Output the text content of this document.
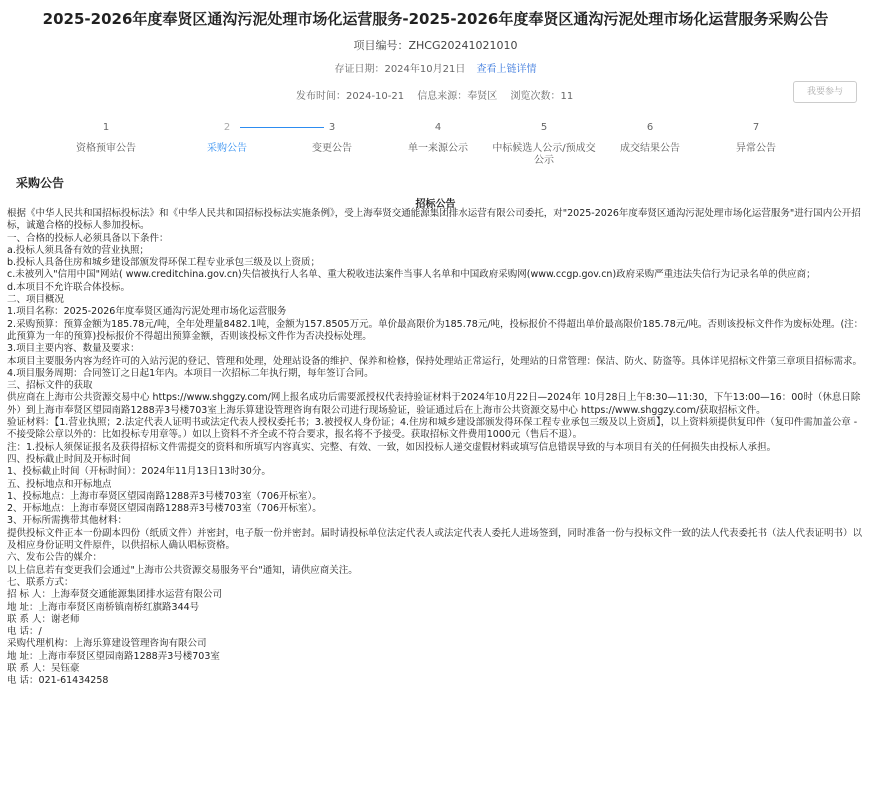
2025-2026年度奉贤区通沟污泥处理市场化运营服务-2025-2026年度奉贤区通沟污泥处理市场化运营服务采购公告
项目编号：ZHCG20241021010
存证日期：2024年10月21日 查看上链详情
发布时间：2024-10-21 信息来源：奉贤区 浏览次数：11	我要参与
1
资格预审公告
2
采购公告
3
变更公告
4
单一来源公示
5
中标候选人公示/预成交公示
6
成交结果公告
7
异常公告
采购公告
招标公告

根据《中华人民共和国招标投标法》和《中华人民共和国招标投标法实施条例》，受上海奉贤交通能源集团排水运营有限公司委托，对"2025-2026年度奉贤区通沟污泥处理市场化运营服务"进行国内公开招标，诚邀合格的投标人参加投标。

一、合格的投标人必须具备以下条件：

a.投标人须具备有效的营业执照；

b.投标人具备住房和城乡建设部颁发得环保工程专业承包三级及以上资质；

c.未被列入"信用中国"网站( www.creditchina.gov.cn)失信被执行人名单、重大税收违法案件当事人名单和中国政府采购网(www.ccgp.gov.cn)政府采购严重违法失信行为记录名单的供应商；

d.本项目不允许联合体投标。

二、项目概况

1.项目名称：2025-2026年度奉贤区通沟污泥处理市场化运营服务

2.采购预算：预算金额为185.78元/吨，全年处理量8482.1吨，金额为157.8505万元。单价最高限价为185.78元/吨，投标报价不得超出单价最高限价185.78元/吨。否则该投标文件作为废标处理。(注：此预算为一年的预算)投标报价不得超出预算金额，否则该投标文件作为否决投标处理。

3.项目主要内容、数量及要求：

本项目主要服务内容为经许可的入站污泥的登记、管理和处理，处理站设备的维护、保养和检修，保持处理站正常运行，处理站的日常管理：保洁、防火、防盗等。具体详见招标文件第三章项目招标需求。

4.项目服务周期：合同签订之日起1年内。本项目一次招标二年执行期，每年签订合同。

三、招标文件的获取

供应商在上海市公共资源交易中心 https://www.shggzy.com/网上报名成功后需要派授权代表持验证材料于2024年10月22日—2024年 10月28日上午8:30—11:30，下午13:00—16：00时（休息日除外）到上海市奉贤区望园南路1288弄3号楼703室上海乐算建设管理咨询有限公司进行现场验证，验证通过后在上海市公共资源交易中心 https://www.shggzy.com/获取招标文件。

验证材料：【1.营业执照；2.法定代表人证明书或法定代表人授权委托书；3.被授权人身份证；4.住房和城乡建设部颁发得环保工程专业承包三级及以上资质】，以上资料须提供复印件（复印件需加盖公章 - 不接受除公章以外的：比如投标专用章等。）如以上资料不齐全或不符合要求，报名将不予接受。获取招标文件费用1000元（售后不退）。

注：1.投标人须保证报名及获得招标文件需提交的资料和所填写内容真实、完整、有效、一致，如因投标人递交虚假材料或填写信息错误导致的与本项目有关的任何损失由投标人承担。

四、投标截止时间及开标时间

1、投标截止时间（开标时间）：2024年11月13日13时30分。

五、投标地点和开标地点

1、投标地点：上海市奉贤区望园南路1288弄3号楼703室（706开标室）。

2、开标地点：上海市奉贤区望园南路1288弄3号楼703室（706开标室）。

3、开标所需携带其他材料：

提供投标文件正本一份副本四份（纸质文件）并密封，电子版一份并密封。届时请投标单位法定代表人或法定代表人委托人进场签到，同时准备一份与投标文件一致的法人代表委托书（法人代表证明书）以及相应身份证明文件原件，以供招标人确认唱标资格。

六、发布公告的媒介：

以上信息若有变更我们会通过"上海市公共资源交易服务平台"通知，请供应商关注。

七、联系方式：

招 标 人：上海奉贤交通能源集团排水运营有限公司

地 址：上海市奉贤区南桥镇南桥红旗路344号

联 系 人：谢老师

电 话：/

采购代理机构：上海乐算建设管理咨询有限公司

地 址：上海市奉贤区望园南路1288弄3号楼703室

联 系 人：吴钰豪

电 话：021-61434258
